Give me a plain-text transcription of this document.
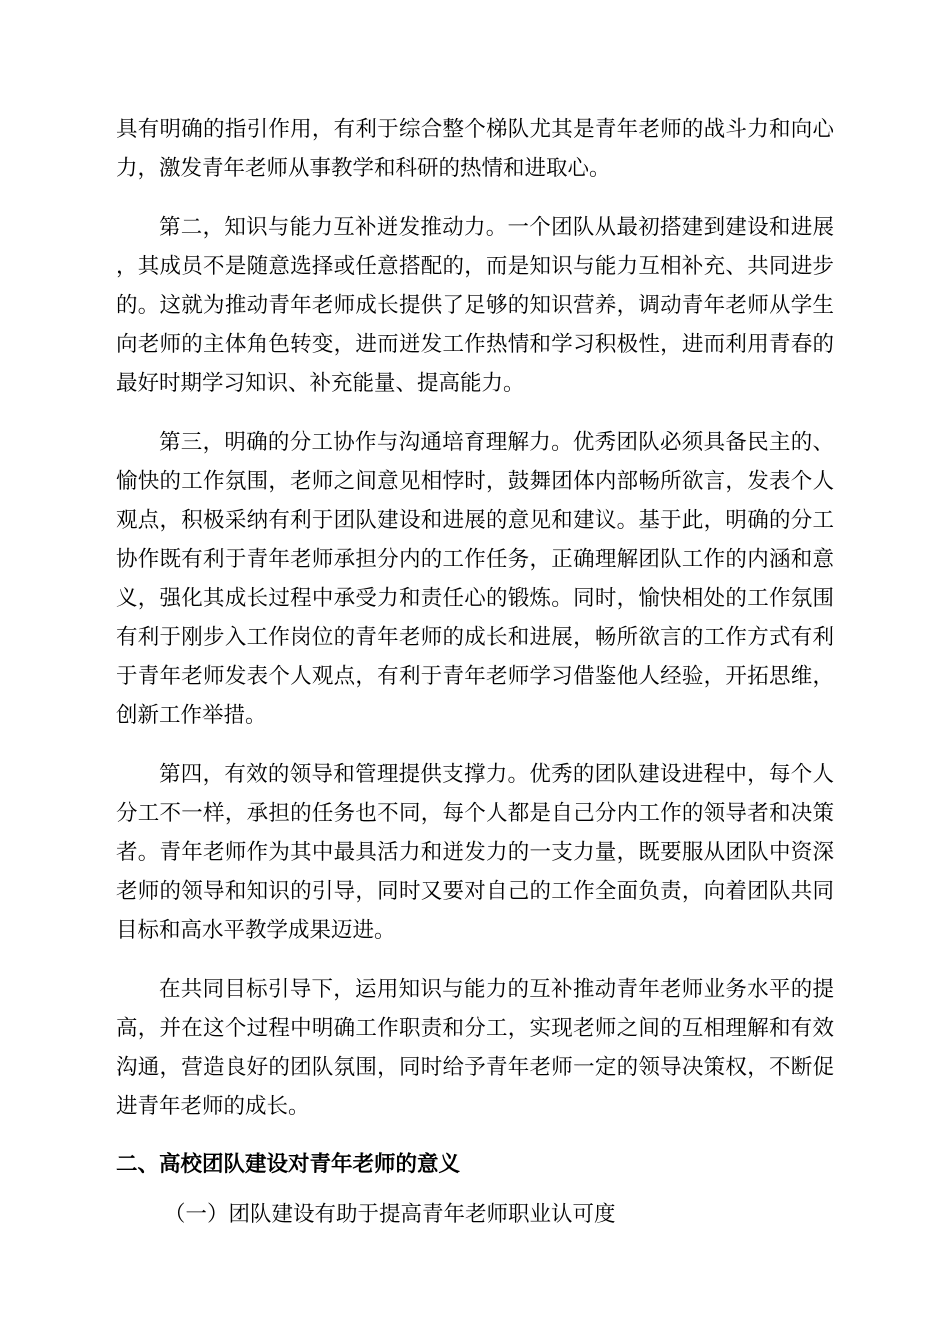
具有明确的指引作用，有利于综合整个梯队尤其是青年老师的战斗力和向心力，激发青年老师从事教学和科研的热情和进取心。

第二，知识与能力互补迸发推动力。一个团队从最初搭建到建设和进展，其成员不是随意选择或任意搭配的，而是知识与能力互相补充、共同进步的。这就为推动青年老师成长提供了足够的知识营养，调动青年老师从学生向老师的主体角色转变，进而迸发工作热情和学习积极性，进而利用青春的最好时期学习知识、补充能量、提高能力。

第三，明确的分工协作与沟通培育理解力。优秀团队必须具备民主的、愉快的工作氛围，老师之间意见相悖时，鼓舞团体内部畅所欲言，发表个人观点，积极采纳有利于团队建设和进展的意见和建议。基于此，明确的分工协作既有利于青年老师承担分内的工作任务，正确理解团队工作的内涵和意义，强化其成长过程中承受力和责任心的锻炼。同时，愉快相处的工作氛围有利于刚步入工作岗位的青年老师的成长和进展，畅所欲言的工作方式有利于青年老师发表个人观点，有利于青年老师学习借鉴他人经验，开拓思维，创新工作举措。

第四，有效的领导和管理提供支撑力。优秀的团队建设进程中，每个人分工不一样，承担的任务也不同，每个人都是自己分内工作的领导者和决策者。青年老师作为其中最具活力和迸发力的一支力量，既要服从团队中资深老师的领导和知识的引导，同时又要对自己的工作全面负责，向着团队共同目标和高水平教学成果迈进。

在共同目标引导下，运用知识与能力的互补推动青年老师业务水平的提高，并在这个过程中明确工作职责和分工，实现老师之间的互相理解和有效沟通，营造良好的团队氛围，同时给予青年老师一定的领导决策权，不断促进青年老师的成长。

二、高校团队建设对青年老师的意义

（一）团队建设有助于提高青年老师职业认可度
